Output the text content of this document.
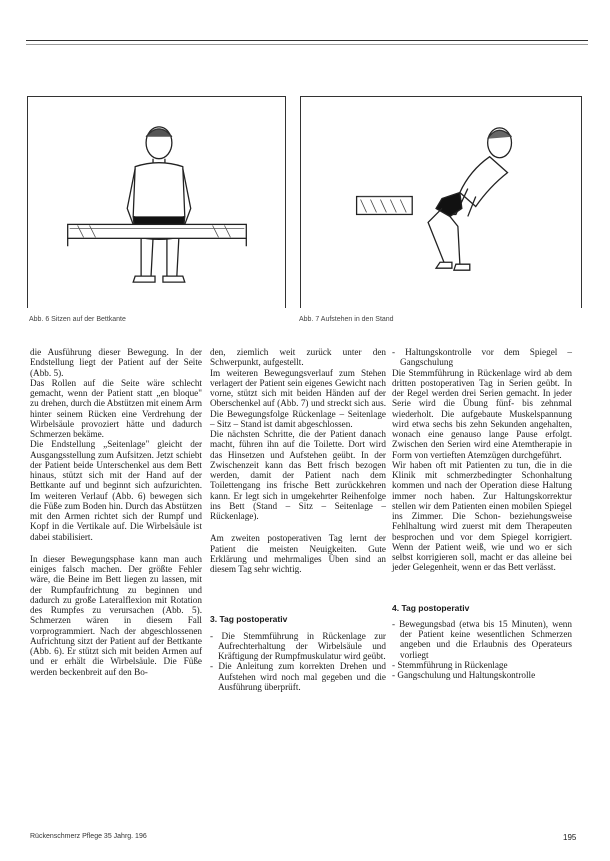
Abb. 6 Sitzen auf der Bettkante	Abb. 7 Aufstehen in den Stand

die Ausführung dieser Bewegung. In der Endstellung liegt der Patient auf der Seite (Abb. 5).

Das Rollen auf die Seite wäre schlecht gemacht, wenn der Patient statt „en bloque" zu drehen, durch die Abstützen mit einem Arm hinter seinem Rücken eine Verdrehung der Wirbelsäule provoziert hätte und dadurch Schmerzen bekäme.

Die Endstellung „Seitenlage" gleicht der Ausgangsstellung zum Aufsitzen. Jetzt schiebt der Patient beide Unterschenkel aus dem Bett hinaus, stützt sich mit der Hand auf der Bettkante auf und beginnt sich aufzurichten. Im weiteren Verlauf (Abb. 6) bewegen sich die Füße zum Boden hin. Durch das Abstützen mit den Armen richtet sich der Rumpf und Kopf in die Vertikale auf. Die Wirbelsäule ist dabei stabilisiert.

In dieser Bewegungsphase kann man auch einiges falsch machen. Der größte Fehler wäre, die Beine im Bett liegen zu lassen, mit der Rumpfaufrichtung zu beginnen und dadurch zu große Lateralflexion mit Rotation des Rumpfes zu verursachen (Abb. 5). Schmerzen wären in diesem Fall vorprogrammiert. Nach der abgeschlossenen Aufrichtung sitzt der Patient auf der Bettkante (Abb. 6). Er stützt sich mit beiden Armen auf und er erhält die Wirbelsäule. Die Füße werden beckenbreit auf den Bo-

den, ziemlich weit zurück unter den Schwerpunkt, aufgestellt.

Im weiteren Bewegungsverlauf zum Stehen verlagert der Patient sein eigenes Gewicht nach vorne, stützt sich mit beiden Händen auf der Oberschenkel auf (Abb. 7) und streckt sich aus. Die Bewegungsfolge Rückenlage – Seitenlage – Sitz – Stand ist damit abgeschlossen.

Die nächsten Schritte, die der Patient danach macht, führen ihn auf die Toilette. Dort wird das Hinsetzen und Aufstehen geübt. In der Zwischenzeit kann das Bett frisch bezogen werden, damit der Patient nach dem Toilettengang ins frische Bett zurückkehren kann. Er legt sich in umgekehrter Reihenfolge ins Bett (Stand – Sitz – Seitenlage – Rückenlage).

Am zweiten postoperativen Tag lernt der Patient die meisten Neuigkeiten. Gute Erklärung und mehrmaliges Üben sind an diesem Tag sehr wichtig.

3. Tag postoperativ

- Die Stemmführung in Rückenlage zur Aufrechterhaltung der Wirbelsäule und Kräftigung der Rumpfmuskulatur wird geübt.

- Die Anleitung zum korrekten Drehen und Aufstehen wird noch mal gegeben und die Ausführung überprüft.

- Haltungskontrolle vor dem Spiegel – Gangschulung

Die Stemmführung in Rückenlage wird ab dem dritten postoperativen Tag in Serien geübt. In der Regel werden drei Serien gemacht. In jeder Serie wird die Übung fünf- bis zehnmal wiederholt. Die aufgebaute Muskelspannung wird etwa sechs bis zehn Sekunden angehalten, wonach eine genauso lange Pause erfolgt. Zwischen den Serien wird eine Atemtherapie in Form von vertieften Atemzügen durchgeführt.

Wir haben oft mit Patienten zu tun, die in die Klinik mit schmerzbedingter Schonhaltung kommen und nach der Operation diese Haltung immer noch haben. Zur Haltungskorrektur stellen wir dem Patienten einen mobilen Spiegel ins Zimmer. Die Schon- beziehungsweise Fehlhaltung wird zuerst mit dem Therapeuten besprochen und vor dem Spiegel korrigiert. Wenn der Patient weiß, wie und wo er sich selbst korrigieren soll, macht er das alleine bei jeder Gelegenheit, wenn er das Bett verlässt.

4. Tag postoperativ

- Bewegungsbad (etwa bis 15 Minuten), wenn der Patient keine wesentlichen Schmerzen angeben und die Erlaubnis des Operateurs vorliegt

- Stemmführung in Rückenlage

- Gangschulung und Haltungskontrolle

Rückenschmerz Pflege 35 Jahrg. 196	195
